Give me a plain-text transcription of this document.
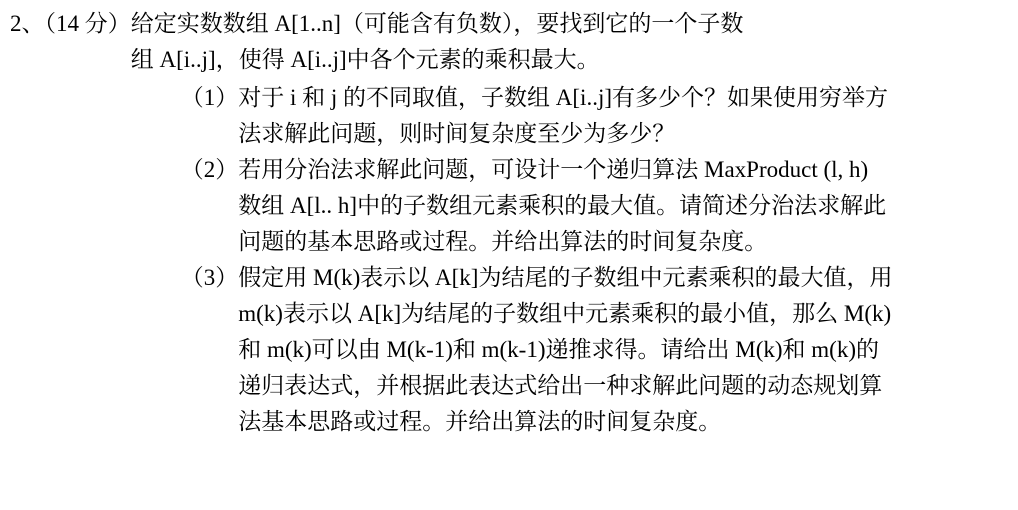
2、（14 分） 给定实数数组 A[1..n]（可能含有负数），要找到它的一个子数

组 A[i..j]，使得 A[i..j]中各个元素的乘积最大。

（1） 对于 i 和 j 的不同取值，子数组 A[i..j]有多少个？如果使用穷举方

法求解此问题，则时间复杂度至少为多少？

（2） 若用分治法求解此问题，可设计一个递归算法 MaxProduct (l, h)

数组 A[l.. h]中的子数组元素乘积的最大值。请简述分治法求解此

问题的基本思路或过程。并给出算法的时间复杂度。

（3） 假定用 M(k)表示以 A[k]为结尾的子数组中元素乘积的最大值，用

m(k)表示以 A[k]为结尾的子数组中元素乘积的最小值，那么 M(k)

和 m(k)可以由 M(k-1)和 m(k-1)递推求得。请给出 M(k)和 m(k)的

递归表达式，并根据此表达式给出一种求解此问题的动态规划算

法基本思路或过程。并给出算法的时间复杂度。
